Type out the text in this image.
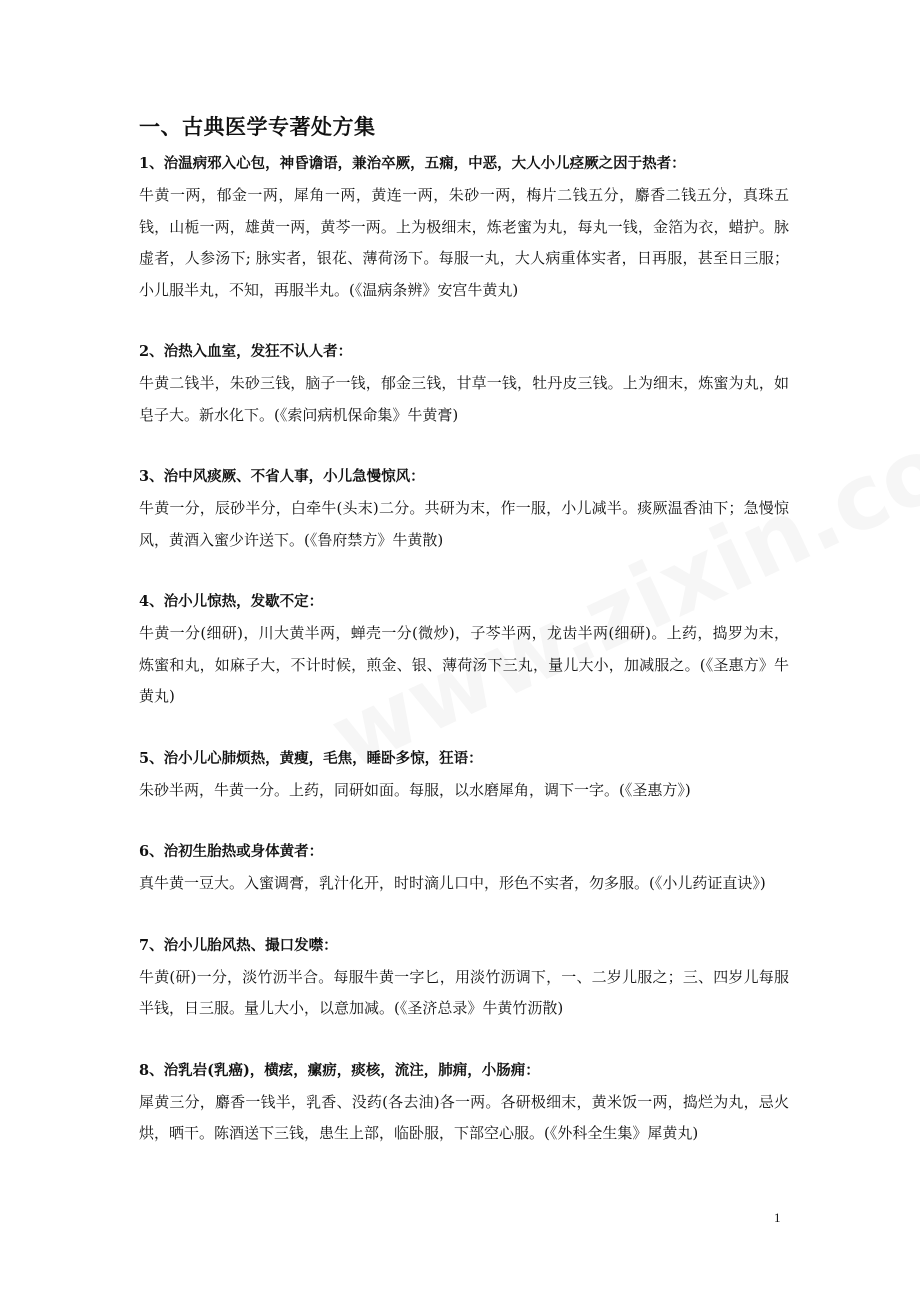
一、古典医学专著处方集
1、治温病邪入心包，神昏谵语，兼治卒厥，五痫，中恶，大人小儿痉厥之因于热者：
牛黄一两，郁金一两，犀角一两，黄连一两，朱砂一两，梅片二钱五分，麝香二钱五分，真珠五钱，山栀一两，雄黄一两，黄芩一两。上为极细末，炼老蜜为丸，每丸一钱，金箔为衣，蜡护。脉虚者，人参汤下; 脉实者，银花、薄荷汤下。每服一丸，大人病重体实者，日再服，甚至日三服；小儿服半丸，不知，再服半丸。(《温病条辨》安宫牛黄丸)
2、治热入血室，发狂不认人者：
牛黄二钱半，朱砂三钱，脑子一钱，郁金三钱，甘草一钱，牡丹皮三钱。上为细末，炼蜜为丸，如皂子大。新水化下。(《索问病机保命集》牛黄膏)
3、治中风痰厥、不省人事，小儿急慢惊风：
牛黄一分，辰砂半分，白牵牛(头末)二分。共研为末，作一服，小儿减半。痰厥温香油下；急慢惊风，黄酒入蜜少许送下。(《鲁府禁方》牛黄散)
4、治小儿惊热，发歇不定：
牛黄一分(细研)，川大黄半两，蝉壳一分(微炒)，子芩半两，龙齿半两(细研)。上药，捣罗为末，炼蜜和丸，如麻子大，不计时候，煎金、银、薄荷汤下三丸，量儿大小，加减服之。(《圣惠方》牛黄丸)
5、治小儿心肺烦热，黄瘦，毛焦，睡卧多惊，狂语：
朱砂半两，牛黄一分。上药，同研如面。每服，以水磨犀角，调下一字。(《圣惠方》)
6、治初生胎热或身体黄者：
真牛黄一豆大。入蜜调膏，乳汁化开，时时滴儿口中，形色不实者，勿多服。(《小儿药证直诀》)
7、治小儿胎风热、撮口发噤：
牛黄(研)一分，淡竹沥半合。每服牛黄一字匕，用淡竹沥调下，一、二岁儿服之；三、四岁儿每服半钱，日三服。量儿大小，以意加减。(《圣济总录》牛黄竹沥散)
8、治乳岩(乳癌)，横痃，瘰疬，痰核，流注，肺痈，小肠痈：
犀黄三分，麝香一钱半，乳香、没药(各去油)各一两。各研极细末，黄米饭一两，捣烂为丸，忌火烘，晒干。陈酒送下三钱，患生上部，临卧服，下部空心服。(《外科全生集》犀黄丸)
1
